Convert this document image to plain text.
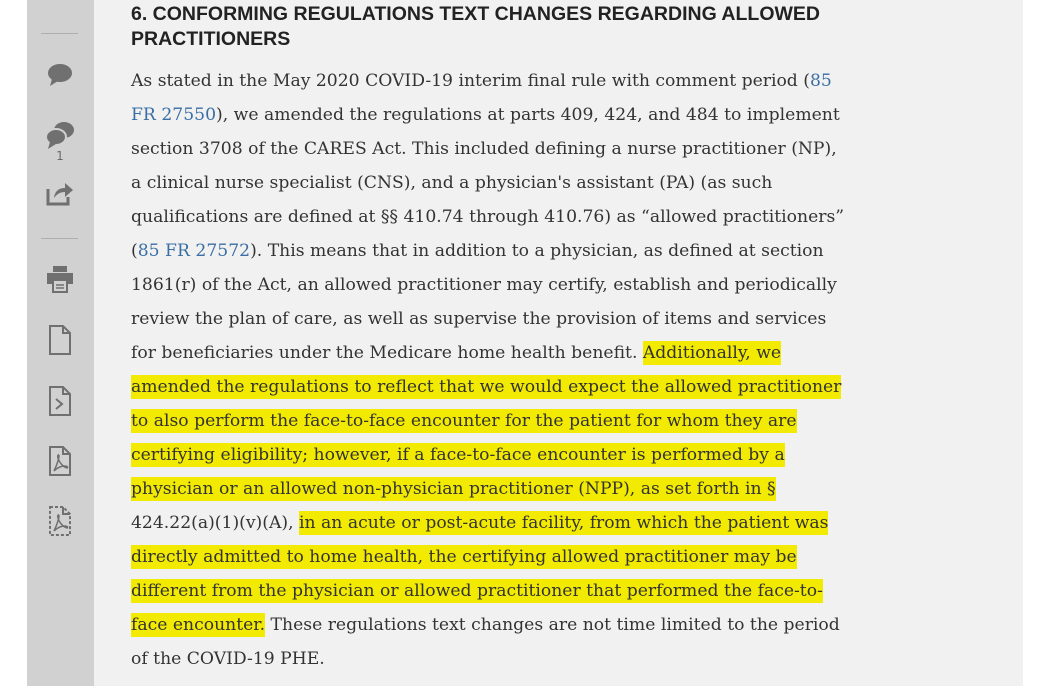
1
6. CONFORMING REGULATIONS TEXT CHANGES REGARDING ALLOWED
PRACTITIONERS

As stated in the May 2020 COVID-19 interim final rule with comment period (85
FR 27550), we amended the regulations at parts 409, 424, and 484 to implement
section 3708 of the CARES Act. This included defining a nurse practitioner (NP),
a clinical nurse specialist (CNS), and a physician's assistant (PA) (as such
qualifications are defined at §§ 410.74 through 410.76) as “allowed practitioners”
(85 FR 27572). This means that in addition to a physician, as defined at section
1861(r) of the Act, an allowed practitioner may certify, establish and periodically
review the plan of care, as well as supervise the provision of items and services
for beneficiaries under the Medicare home health benefit. Additionally, we
amended the regulations to reflect that we would expect the allowed practitioner
to also perform the face-to-face encounter for the patient for whom they are
certifying eligibility; however, if a face-to-face encounter is performed by a
physician or an allowed non-physician practitioner (NPP), as set forth in §
424.22(a)(1)(v)(A), in an acute or post-acute facility, from which the patient was
directly admitted to home health, the certifying allowed practitioner may be
different from the physician or allowed practitioner that performed the face-to-
face encounter. These regulations text changes are not time limited to the period
of the COVID-19 PHE.
